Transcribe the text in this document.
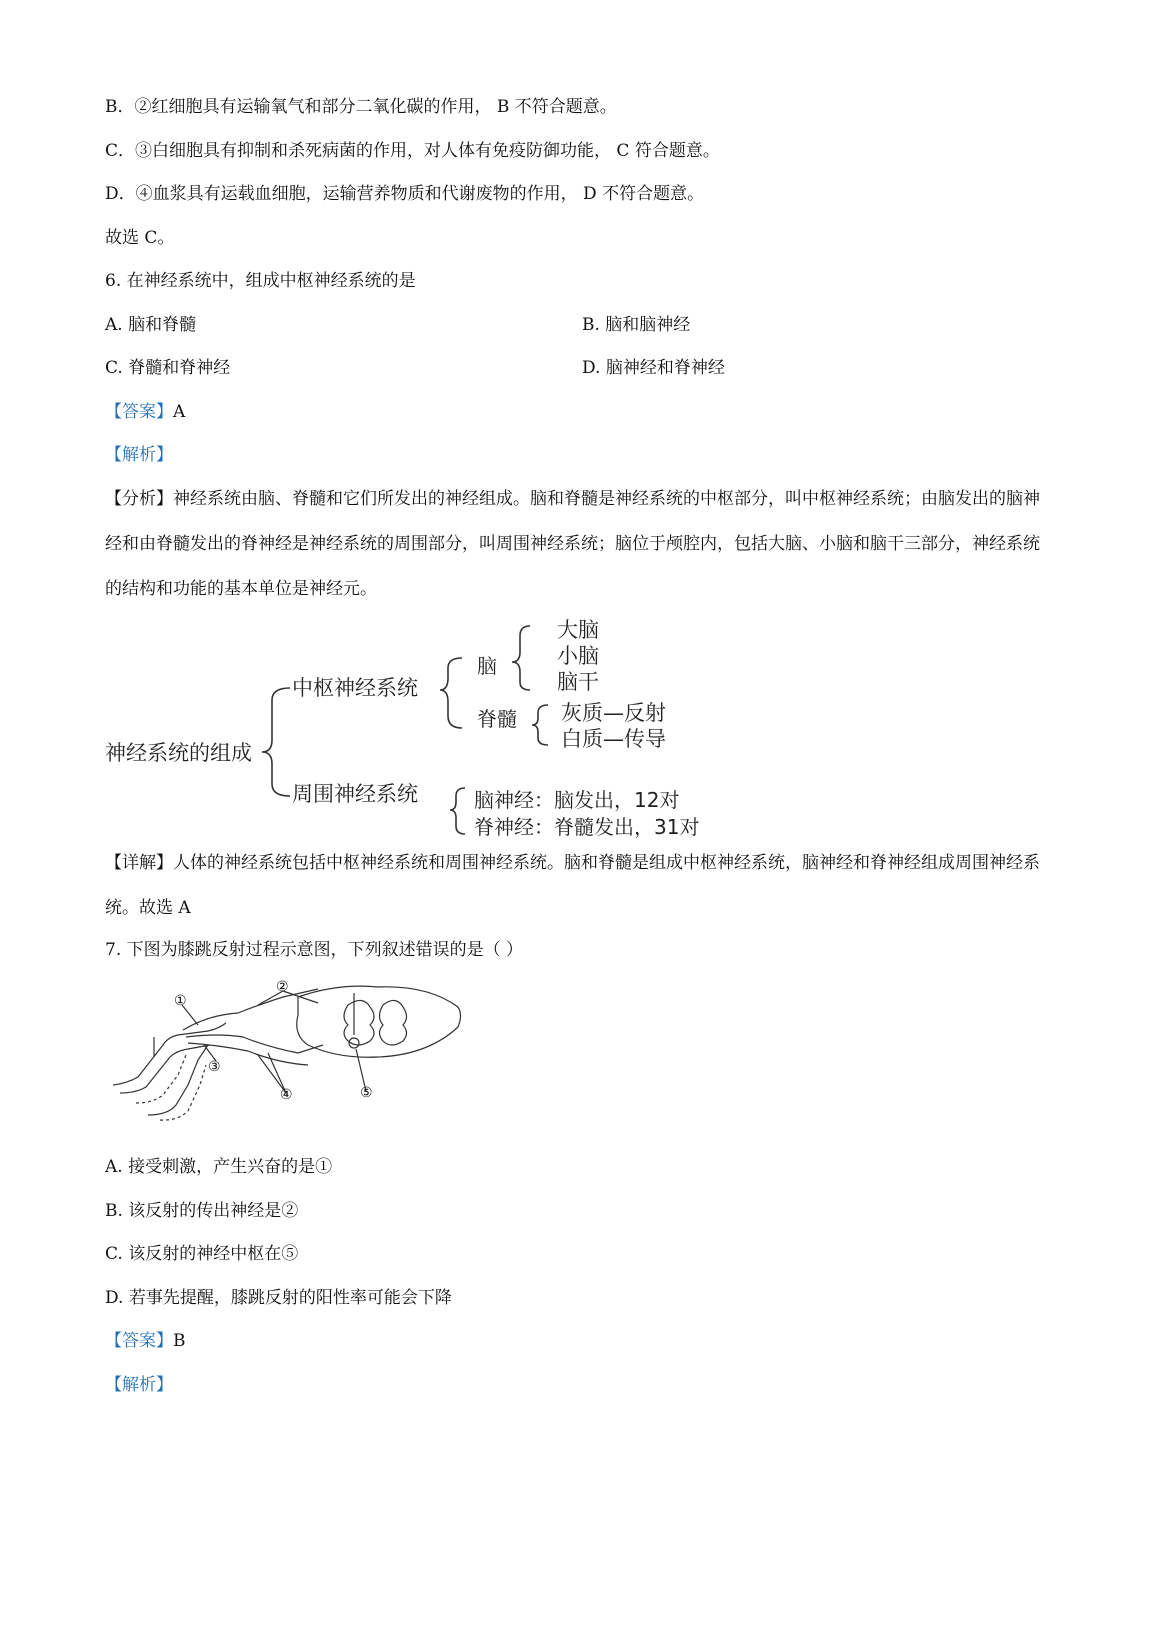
B．②红细胞具有运输氧气和部分二氧化碳的作用， B 不符合题意。
C．③白细胞具有抑制和杀死病菌的作用，对人体有免疫防御功能， C 符合题意。
D．④血浆具有运载血细胞，运输营养物质和代谢废物的作用， D 不符合题意。
故选 C。
6. 在神经系统中，组成中枢神经系统的是
A. 脑和脊髓	B. 脑和脑神经
C. 脊髓和脊神经	D. 脑神经和脊神经
【答案】A
【解析】
【分析】神经系统由脑、脊髓和它们所发出的神经组成。脑和脊髓是神经系统的中枢部分，叫中枢神经系统；由脑发出的脑神经和由脊髓发出的脊神经是神经系统的周围部分，叫周围神经系统；脑位于颅腔内，包括大脑、小脑和脑干三部分，神经系统的结构和功能的基本单位是神经元。
神经系统的组成
中枢神经系统
周围神经系统
脑
脊髓
大脑
小脑
脑干
灰质—反射
白质—传导
脑神经：脑发出，12对
脊神经：脊髓发出，31对
【详解】人体的神经系统包括中枢神经系统和周围神经系统。脑和脊髓是组成中枢神经系统，脑神经和脊神经组成周围神经系统。故选 A
7. 下图为膝跳反射过程示意图，下列叙述错误的是（ ）
①
②
③
④	⑤
A. 接受刺激，产生兴奋的是①
B. 该反射的传出神经是②
C. 该反射的神经中枢在⑤
D. 若事先提醒，膝跳反射的阳性率可能会下降
【答案】B
【解析】
